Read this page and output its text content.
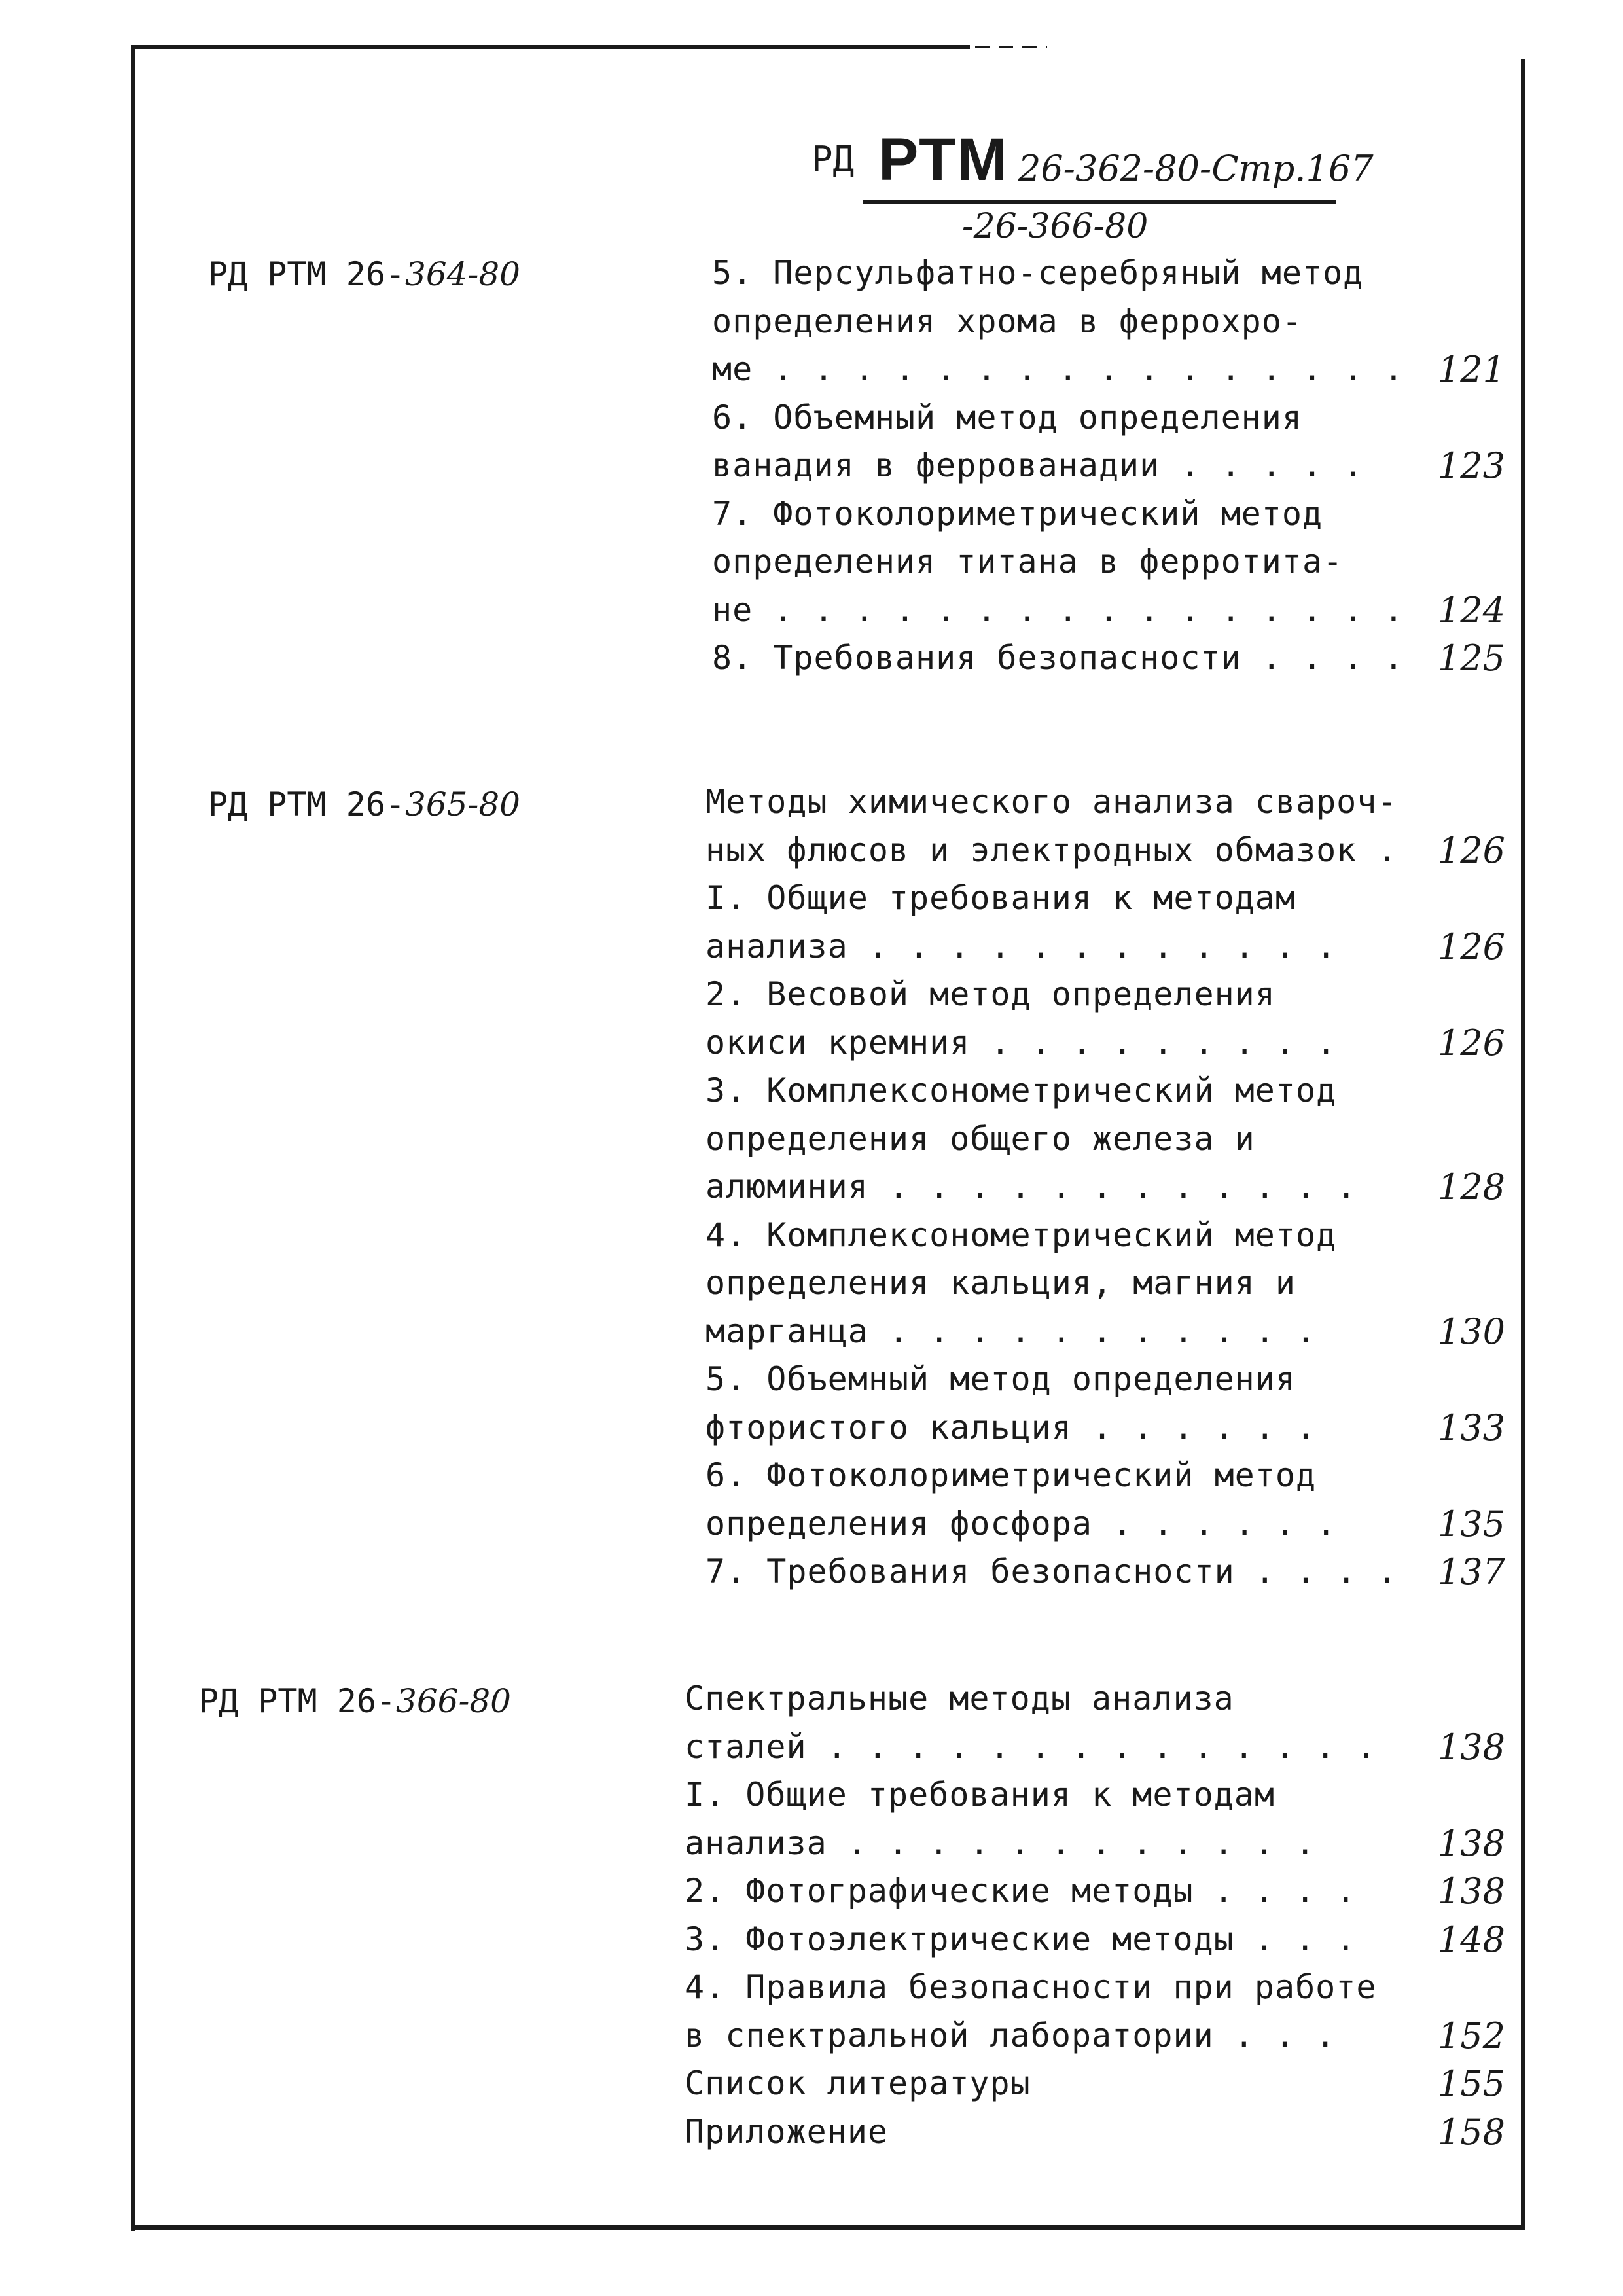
РД РТМ 26-362-80-Стр.167
-26-366-80
РД РТМ 26-364-80	5. Персульфатно-серебряный метод
определения хрома в феррохро-
ме . . . . . . . . . . . . . . . . 121
6. Объемный метод определения
ванадия в феррованадии . . . . .	123
7. Фотоколориметрический метод
определения титана в ферротита-
не . . . . . . . . . . . . . . . . 124
8. Требования безопасности . . . . 125
РД РТМ 26-365-80	Методы химического анализа свароч-
ных флюсов и электродных обмазок .	126
I. Общие требования к методам
анализа . . . . . . . . . . . .	126
2. Весовой метод определения
окиси кремния . . . . . . . . .	126
3. Комплексонометрический метод
определения общего железа и
алюминия . . . . . . . . . . . .	128
4. Комплексонометрический метод
определения кальция, магния и
марганца . . . . . . . . . . .	130
5. Объемный метод определения
фтористого кальция . . . . . .	133
6. Фотоколориметрический метод
определения фосфора . . . . . .	135
7. Требования безопасности . . . .	137
РД РТМ 26-366-80	Спектральные методы анализа
сталей . . . . . . . . . . . . . .	138
I. Общие требования к методам
анализа . . . . . . . . . . . .	138
2. Фотографические методы . . . .	138
3. Фотоэлектрические методы . . .	148
4. Правила безопасности при работе
в спектральной лаборатории . . .	152
Список литературы	155
Приложение	158
